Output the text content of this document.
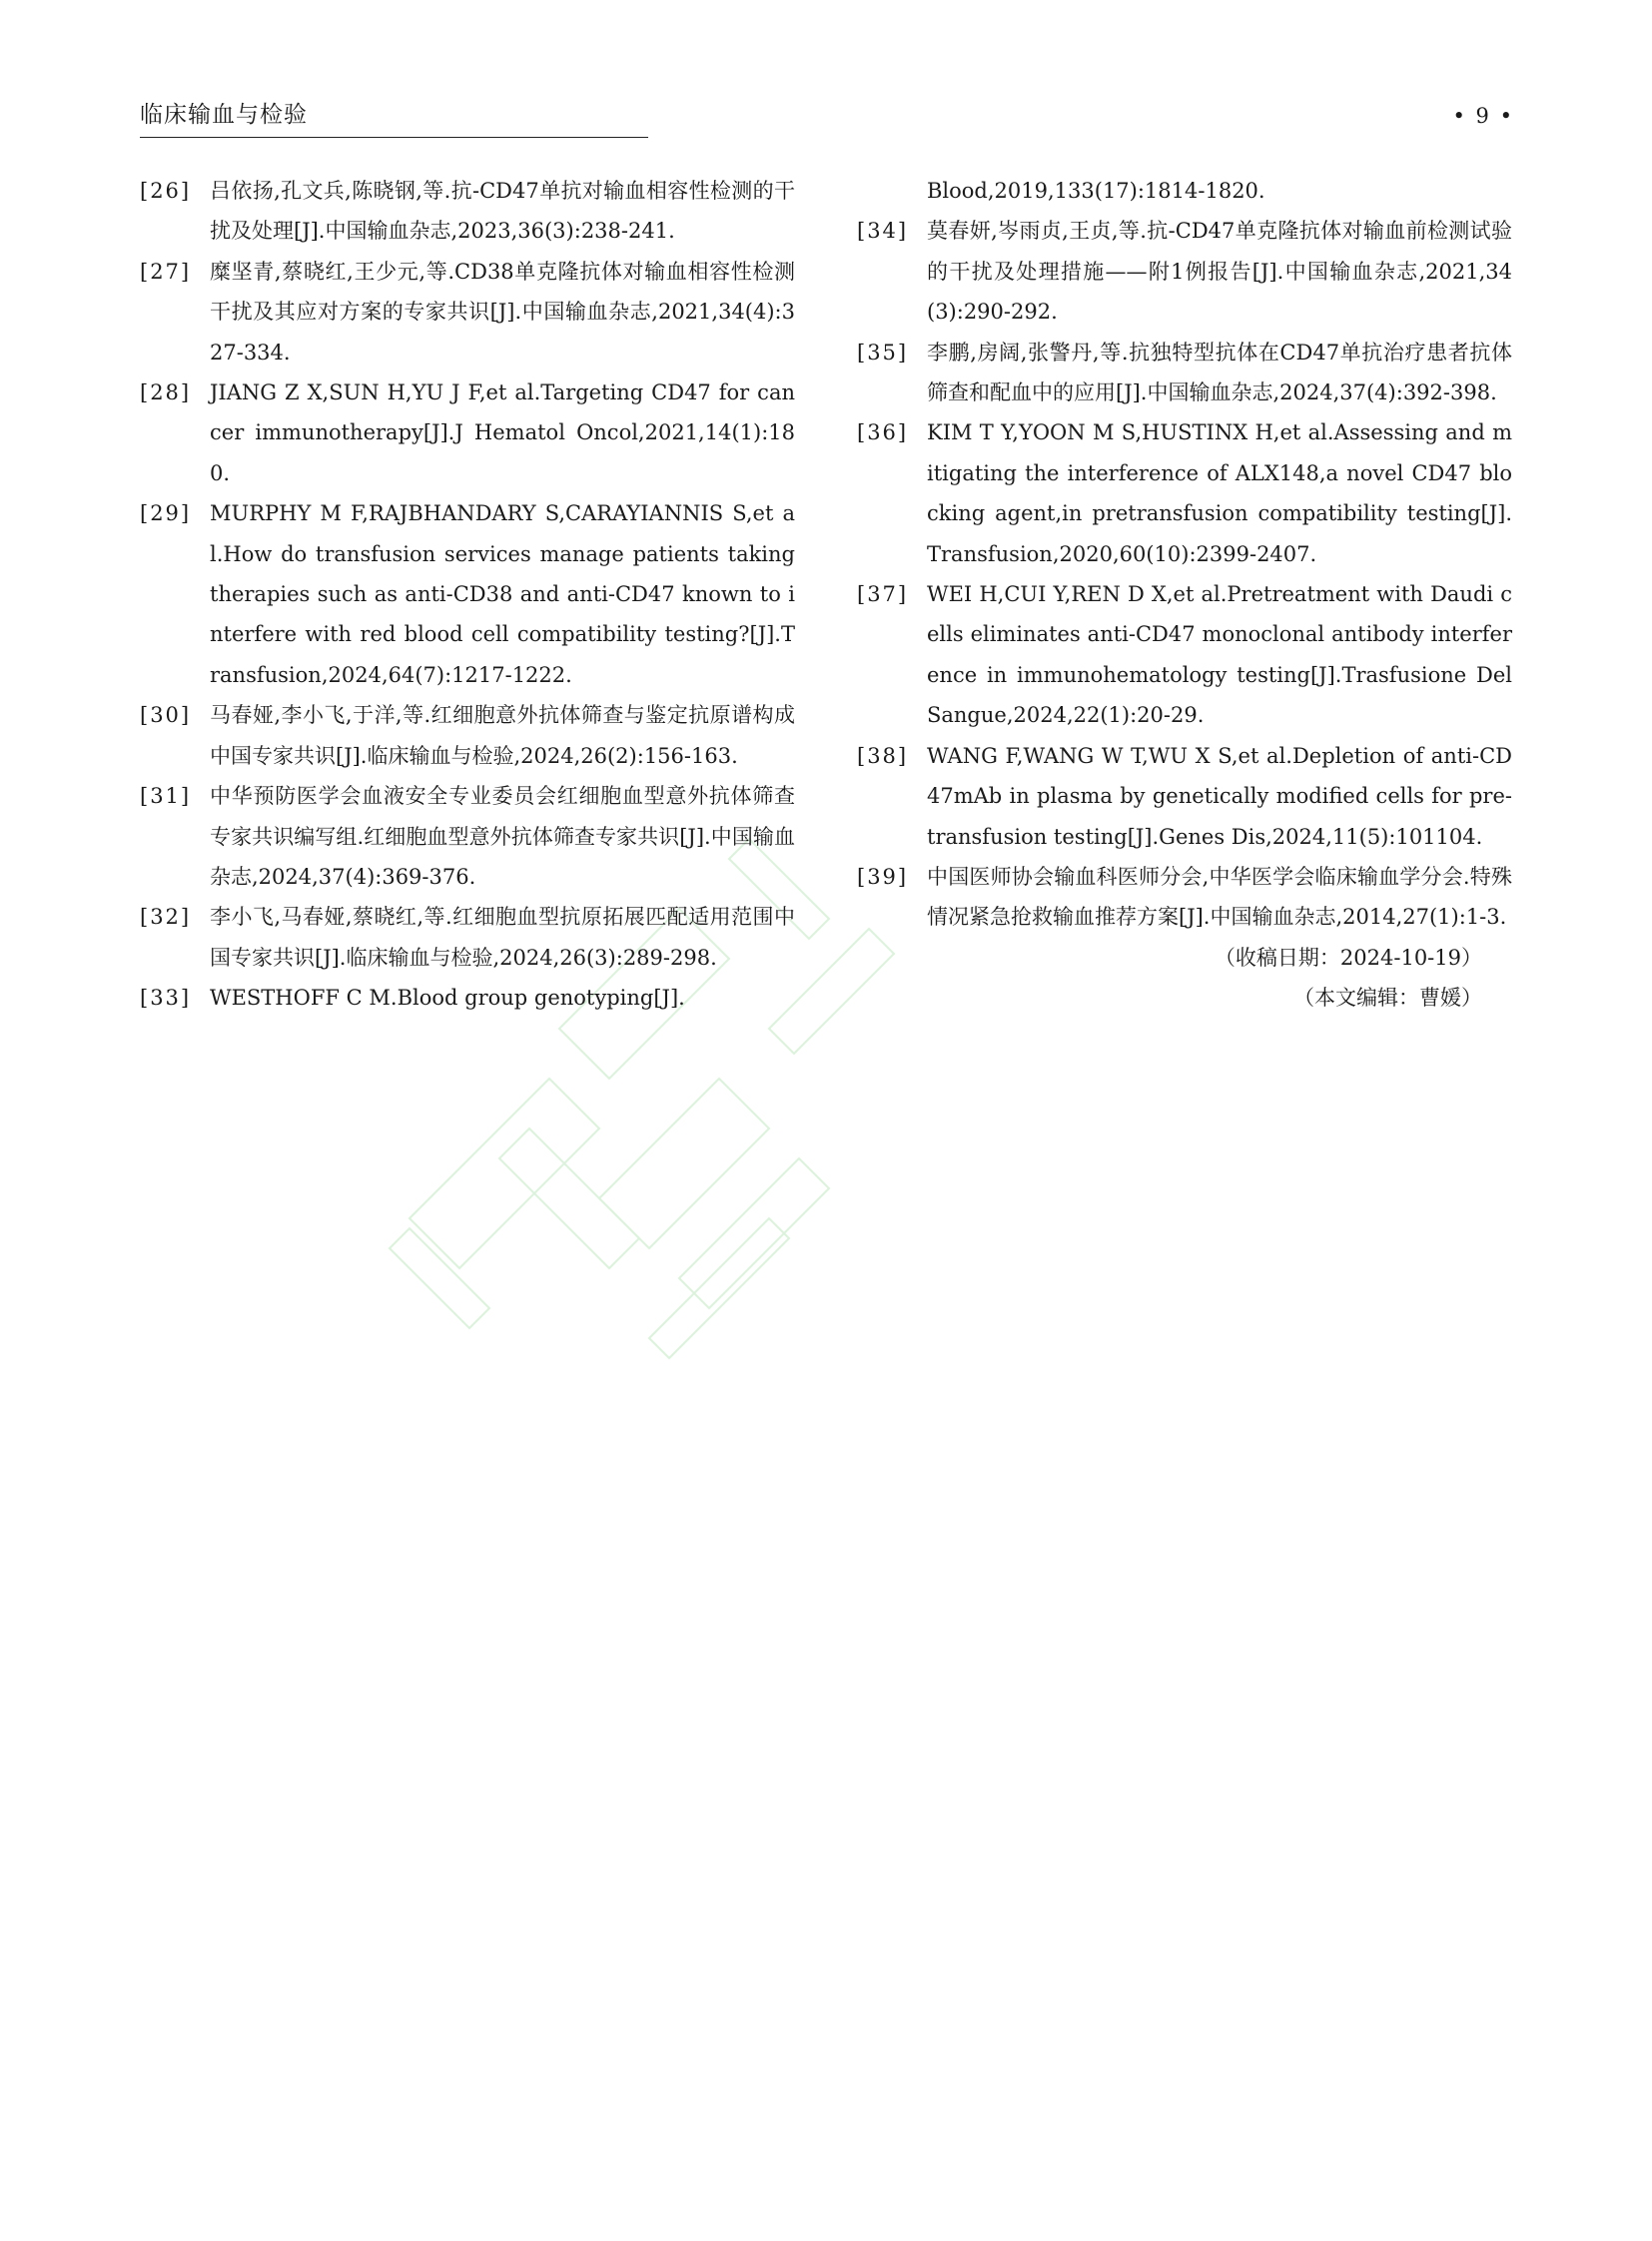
临床输血与检验	• 9 •
[26] 吕依扬,孔文兵,陈晓钢,等.抗-CD47单抗对输血相容性检测的干扰及处理[J].中国输血杂志,2023,36(3):238-241.
[27] 糜坚青,蔡晓红,王少元,等.CD38单克隆抗体对输血相容性检测干扰及其应对方案的专家共识[J].中国输血杂志,2021,34(4):327-334.
[28] JIANG Z X,SUN H,YU J F,et al.Targeting CD47 for cancer immunotherapy[J].J Hematol Oncol,2021,14(1):180.
[29] MURPHY M F,RAJBHANDARY S,CARAYIANNIS S,et al.How do transfusion services manage patients taking therapies such as anti-CD38 and anti-CD47 known to interfere with red blood cell compatibility testing?[J].Transfusion,2024,64(7):1217-1222.
[30] 马春娅,李小飞,于洋,等.红细胞意外抗体筛查与鉴定抗原谱构成中国专家共识[J].临床输血与检验,2024,26(2):156-163.
[31] 中华预防医学会血液安全专业委员会红细胞血型意外抗体筛查专家共识编写组.红细胞血型意外抗体筛查专家共识[J].中国输血杂志,2024,37(4):369-376.
[32] 李小飞,马春娅,蔡晓红,等.红细胞血型抗原拓展匹配适用范围中国专家共识[J].临床输血与检验,2024,26(3):289-298.
[33] WESTHOFF C M.Blood group genotyping[J].
Blood,2019,133(17):1814-1820.
[34] 莫春妍,岑雨贞,王贞,等.抗-CD47单克隆抗体对输血前检测试验的干扰及处理措施——附1例报告[J].中国输血杂志,2021,34(3):290-292.
[35] 李鹏,房阔,张警丹,等.抗独特型抗体在CD47单抗治疗患者抗体筛查和配血中的应用[J].中国输血杂志,2024,37(4):392-398.
[36] KIM T Y,YOON M S,HUSTINX H,et al.Assessing and mitigating the interference of ALX148,a novel CD47 blocking agent,in pretransfusion compatibility testing[J].Transfusion,2020,60(10):2399-2407.
[37] WEI H,CUI Y,REN D X,et al.Pretreatment with Daudi cells eliminates anti-CD47 monoclonal antibody interference in immunohematology testing[J].Trasfusione Del Sangue,2024,22(1):20-29.
[38] WANG F,WANG W T,WU X S,et al.Depletion of anti-CD47mAb in plasma by genetically modified cells for pre-transfusion testing[J].Genes Dis,2024,11(5):101104.
[39] 中国医师协会输血科医师分会,中华医学会临床输血学分会.特殊情况紧急抢救输血推荐方案[J].中国输血杂志,2014,27(1):1-3.
（收稿日期：2024-10-19）
（本文编辑：曹媛）
